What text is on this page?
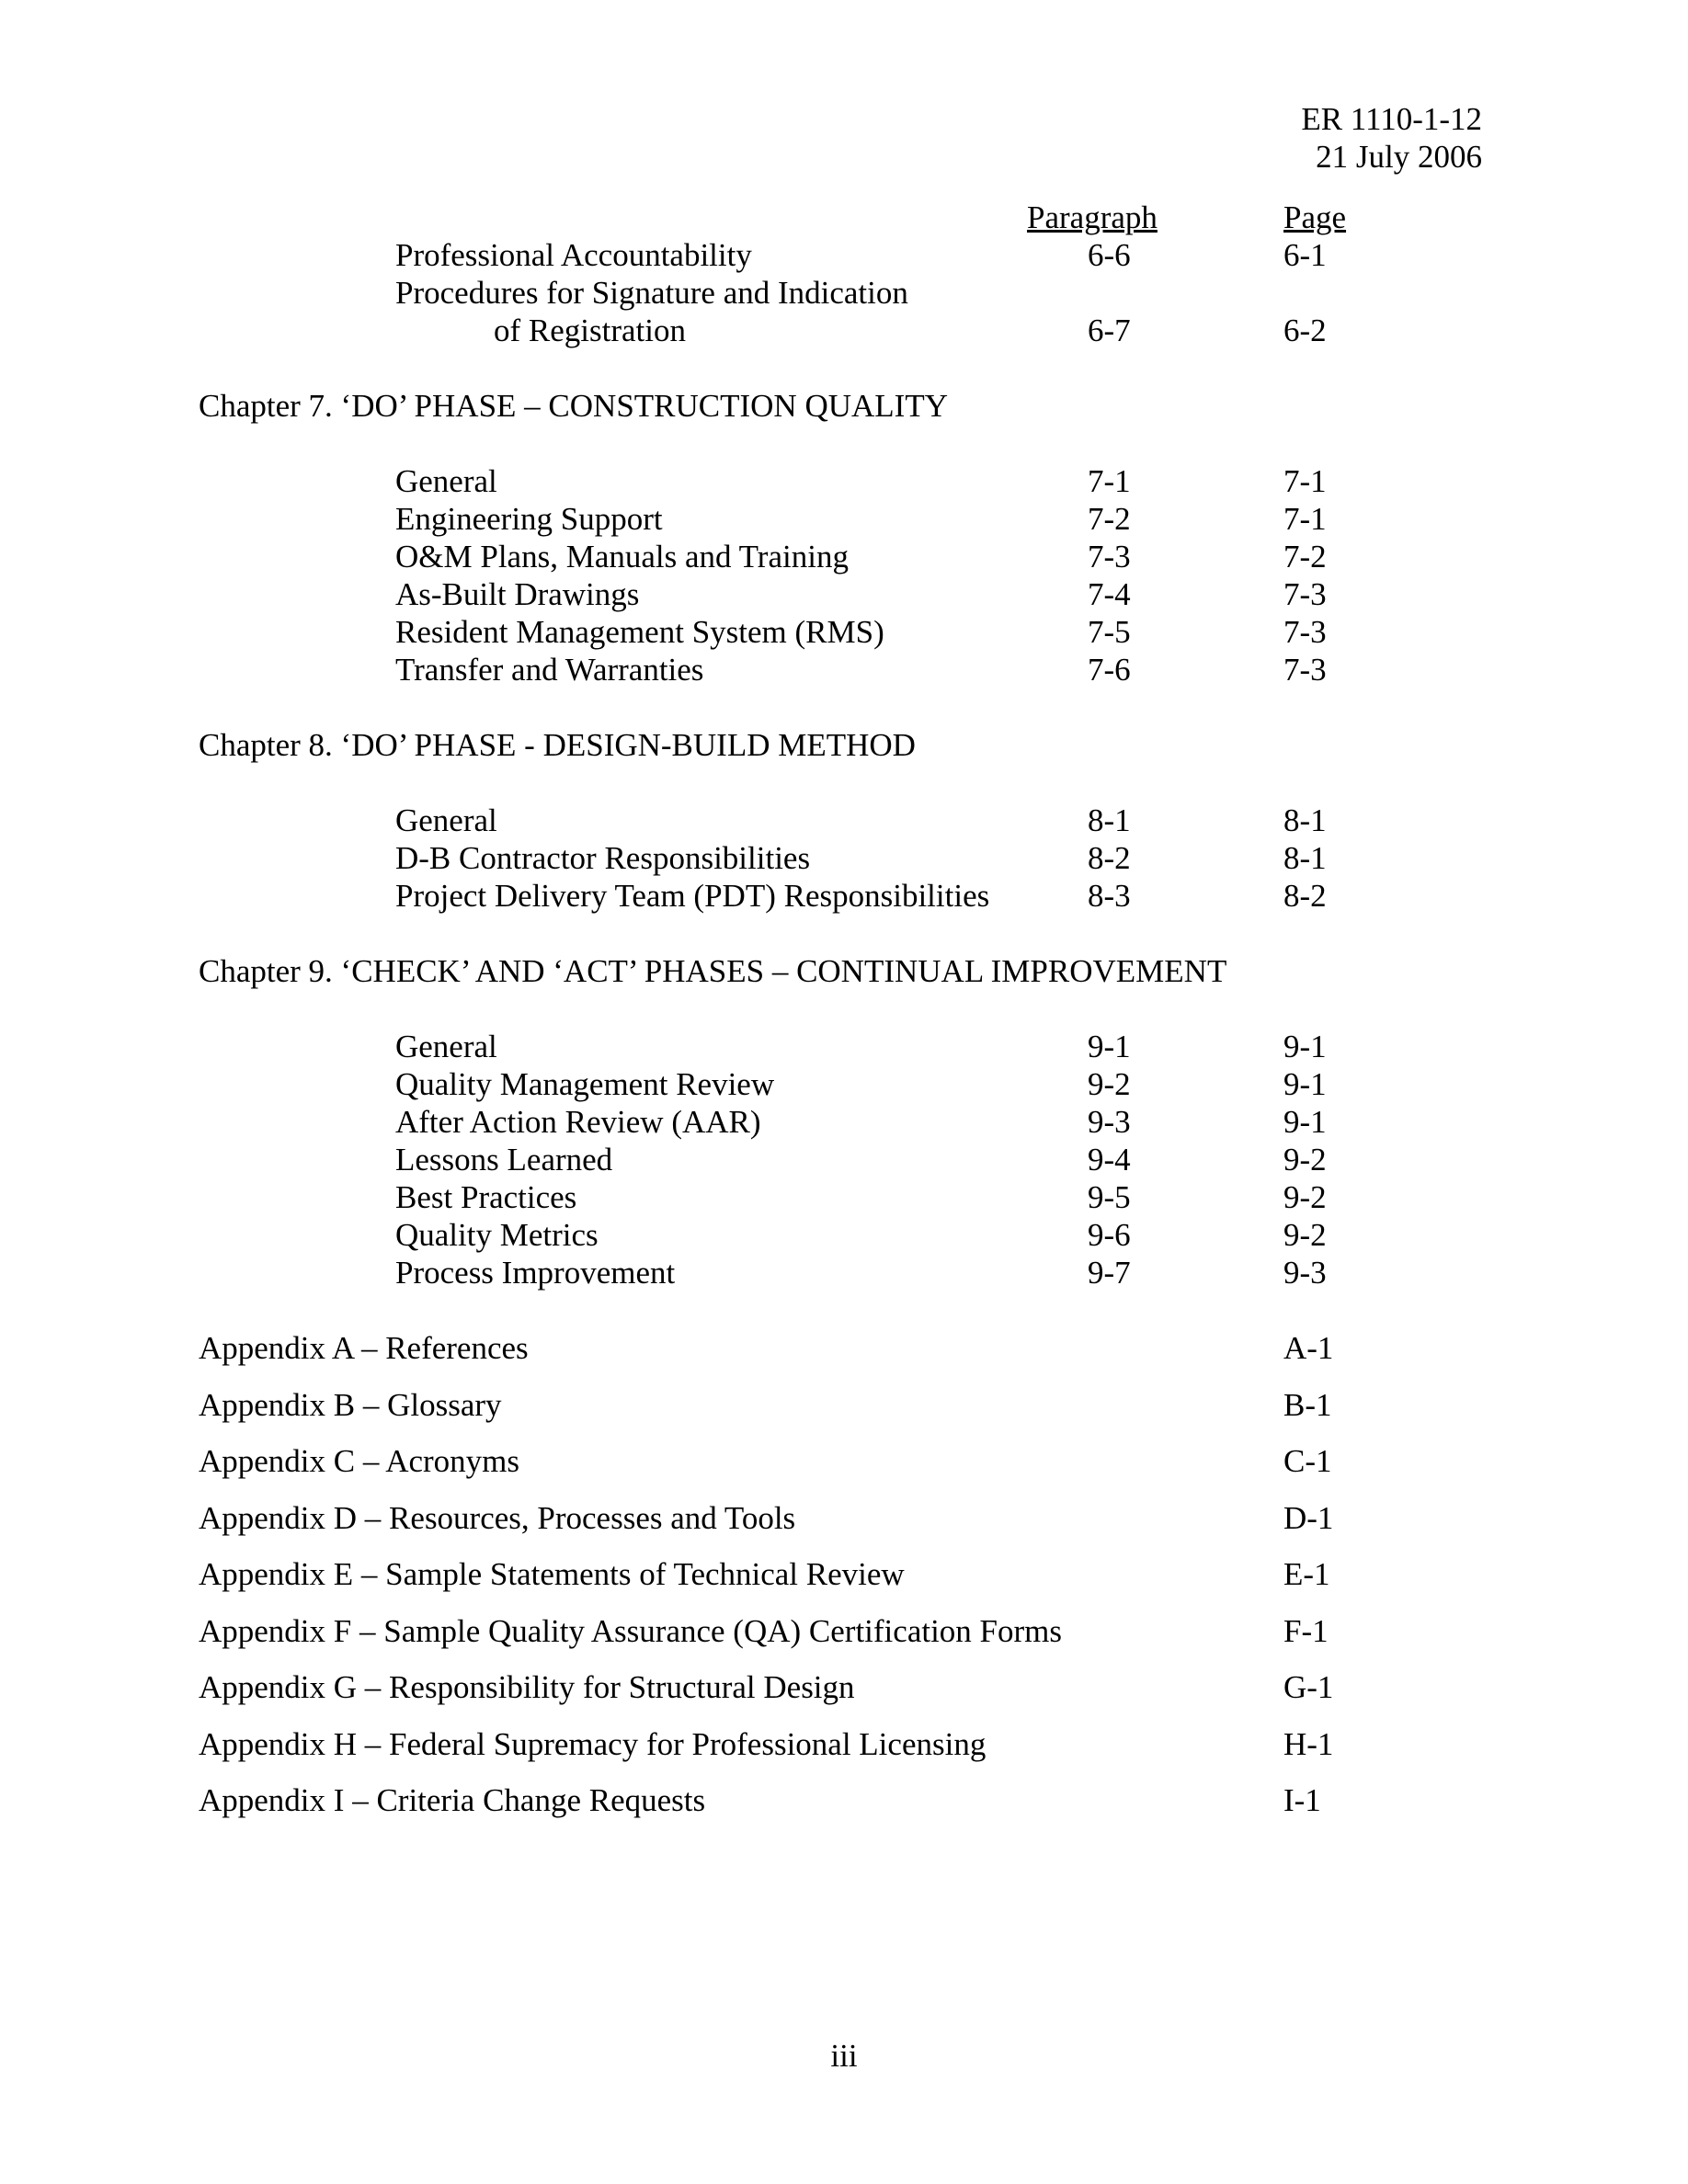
ER 1110-1-12
21 July 2006
Paragraph	Page
Professional Accountability	6-6	6-1
Procedures for Signature and Indication
of Registration	6-7	6-2
Chapter 7. ‘DO’ PHASE – CONSTRUCTION QUALITY
General	7-1	7-1
Engineering Support	7-2	7-1
O&M Plans, Manuals and Training	7-3	7-2
As-Built Drawings	7-4	7-3
Resident Management System (RMS)	7-5	7-3
Transfer and Warranties	7-6	7-3
Chapter 8. ‘DO’ PHASE - DESIGN-BUILD METHOD
General	8-1	8-1
D-B Contractor Responsibilities	8-2	8-1
Project Delivery Team (PDT) Responsibilities	8-3	8-2
Chapter 9. ‘CHECK’ AND ‘ACT’ PHASES – CONTINUAL IMPROVEMENT
General	9-1	9-1
Quality Management Review	9-2	9-1
After Action Review (AAR)	9-3	9-1
Lessons Learned	9-4	9-2
Best Practices	9-5	9-2
Quality Metrics	9-6	9-2
Process Improvement	9-7	9-3
Appendix A – References	A-1
Appendix B – Glossary	B-1
Appendix C – Acronyms	C-1
Appendix D – Resources, Processes and Tools	D-1
Appendix E – Sample Statements of Technical Review	E-1
Appendix F – Sample Quality Assurance (QA) Certification Forms	F-1
Appendix G – Responsibility for Structural Design	G-1
Appendix H – Federal Supremacy for Professional Licensing	H-1
Appendix I – Criteria Change Requests	I-1
iii
